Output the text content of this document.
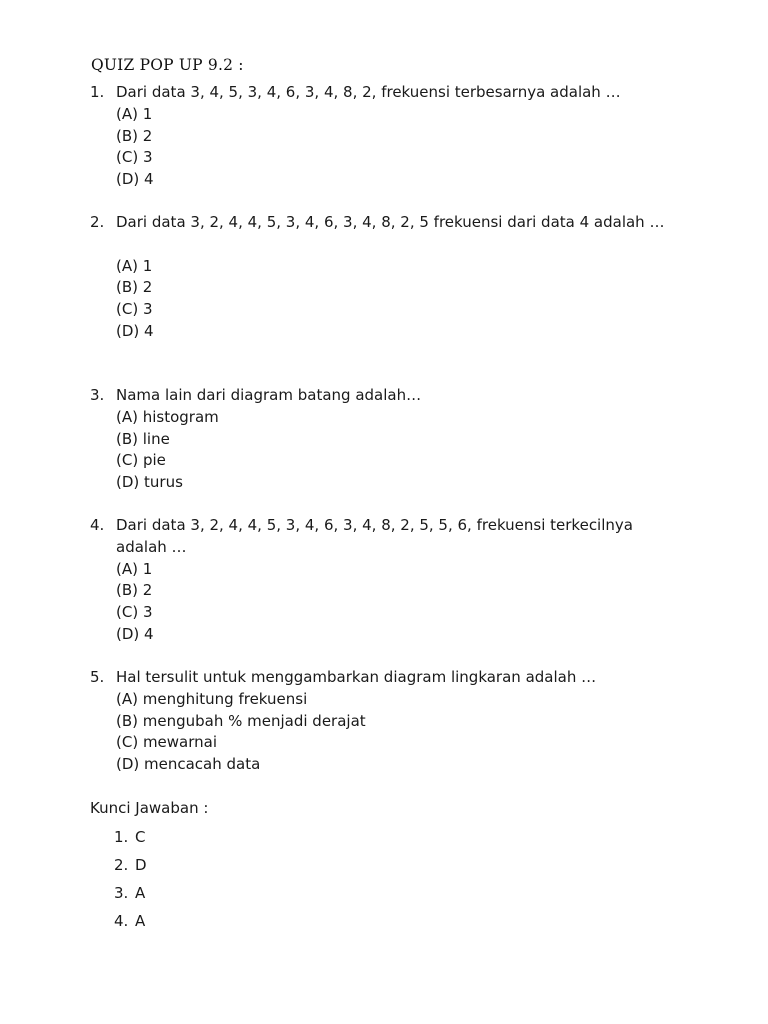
QUIZ POP UP 9.2 :
1. Dari data 3, 4, 5, 3, 4, 6, 3, 4, 8, 2, frekuensi terbesarnya adalah …
(A) 1
(B) 2
(C) 3
(D) 4
2. Dari data 3, 2, 4, 4, 5, 3, 4, 6, 3, 4, 8, 2, 5 frekuensi dari data 4 adalah …
(A) 1
(B) 2
(C) 3
(D) 4
3. Nama lain dari diagram batang adalah…
(A) histogram
(B) line
(C) pie
(D) turus
4. Dari data 3, 2, 4, 4, 5, 3, 4, 6, 3, 4, 8, 2, 5, 5, 6, frekuensi terkecilnya adalah …
(A) 1
(B) 2
(C) 3
(D) 4
5. Hal tersulit untuk menggambarkan diagram lingkaran adalah …
(A) menghitung frekuensi
(B) mengubah % menjadi derajat
(C) mewarnai
(D) mencacah data
Kunci Jawaban :
1. C
2. D
3. A
4. A
